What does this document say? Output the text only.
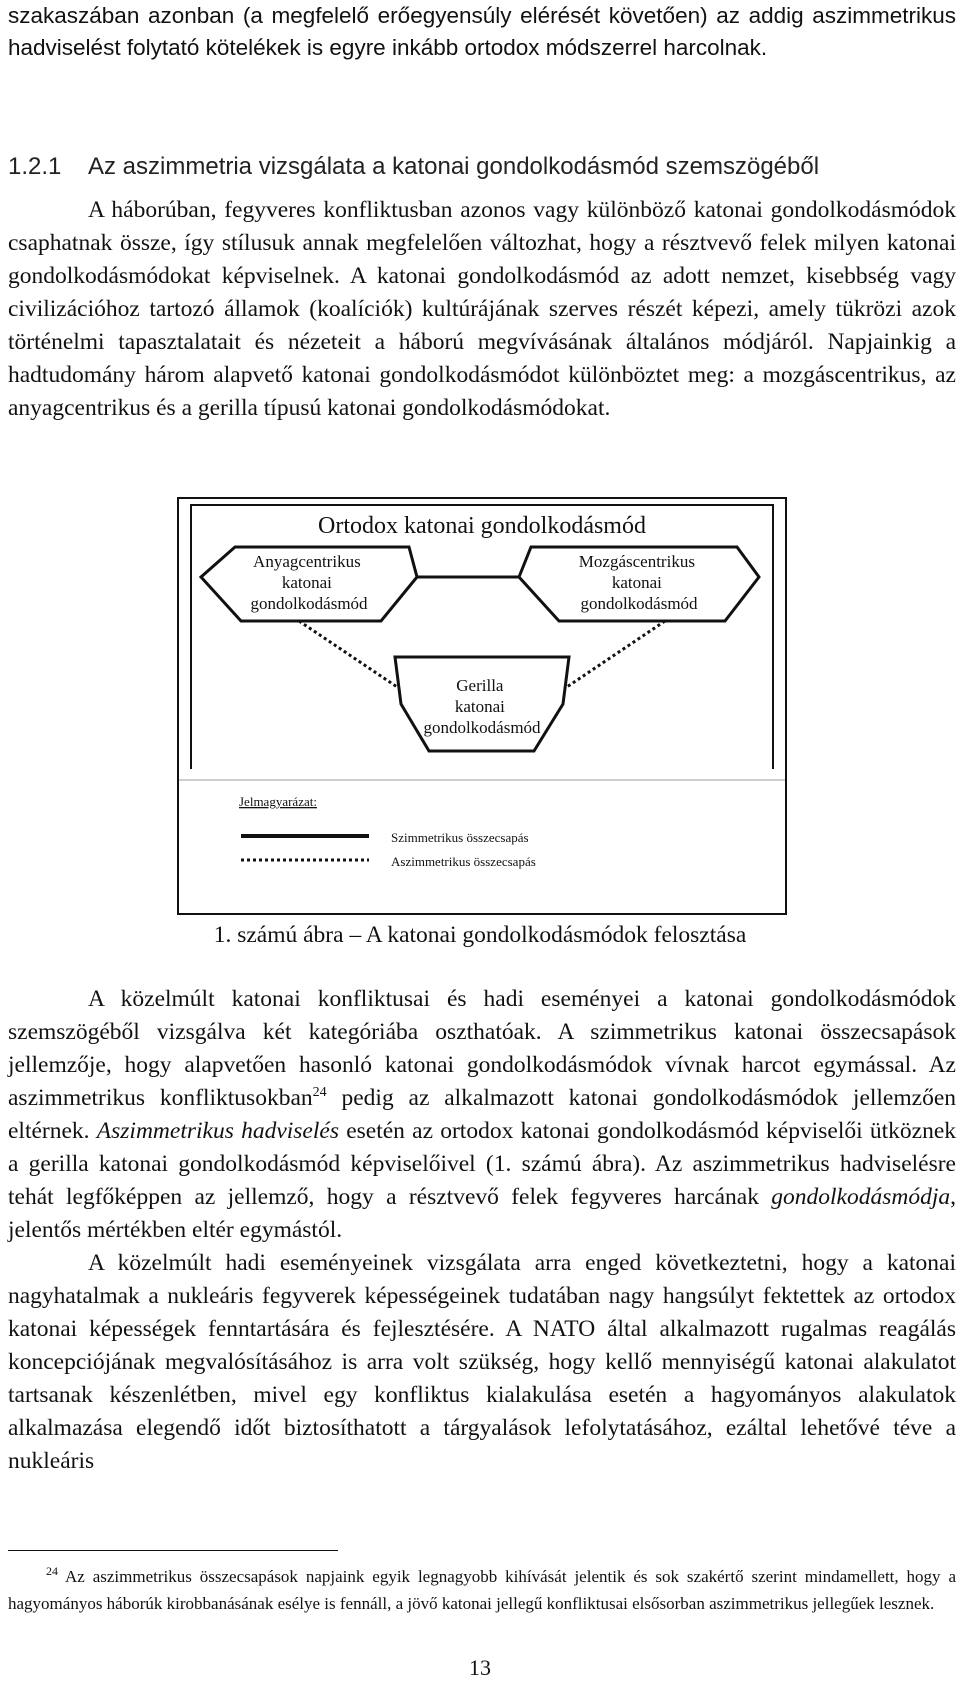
szakaszában azonban (a megfelelő erőegyensúly elérését követően) az addig aszimmetrikus hadviselést folytató kötelékek is egyre inkább ortodox módszerrel harcolnak.

1.2.1 Az aszimmetria vizsgálata a katonai gondolkodásmód szemszögéből

A háborúban, fegyveres konfliktusban azonos vagy különböző katonai gondolkodásmódok csaphatnak össze, így stílusuk annak megfelelően változhat, hogy a résztvevő felek milyen katonai gondolkodásmódokat képviselnek. A katonai gondolkodásmód az adott nemzet, kisebbség vagy civilizációhoz tartozó államok (koalíciók) kultúrájának szerves részét képezi, amely tükrözi azok történelmi tapasztalatait és nézeteit a háború megvívásának általános módjáról. Napjainkig a hadtudomány három alapvető katonai gondolkodásmódot különböztet meg: a mozgáscentrikus, az anyagcentrikus és a gerilla típusú katonai gondolkodásmódokat.

Ortodox katonai gondolkodásmód
Anyagcentrikus katonai gondolkodásmód
Mozgáscentrikus katonai gondolkodásmód
Gerilla katonai gondolkodásmód
Jelmagyarázat:
Szimmetrikus összecsapás
Aszimmetrikus összecsapás

1. számú ábra – A katonai gondolkodásmódok felosztása

A közelmúlt katonai konfliktusai és hadi eseményei a katonai gondolkodásmódok szemszögéből vizsgálva két kategóriába oszthatóak. A szimmetrikus katonai összecsapások jellemzője, hogy alapvetően hasonló katonai gondolkodásmódok vívnak harcot egymással. Az aszimmetrikus konfliktusokban$^{24}$ pedig az alkalmazott katonai gondolkodásmódok jellemzően eltérnek. Aszimmetrikus hadviselés esetén az ortodox katonai gondolkodásmód képviselői ütköznek a gerilla katonai gondolkodásmód képviselőivel (1. számú ábra). Az aszimmetrikus hadviselésre tehát legfőképpen az jellemző, hogy a résztvevő felek fegyveres harcának gondolkodásmódja, jelentős mértékben eltér egymástól.

A közelmúlt hadi eseményeinek vizsgálata arra enged következtetni, hogy a katonai nagyhatalmak a nukleáris fegyverek képességeinek tudatában nagy hangsúlyt fektettek az ortodox katonai képességek fenntartására és fejlesztésére. A NATO által alkalmazott rugalmas reagálás koncepciójának megvalósításához is arra volt szükség, hogy kellő mennyiségű katonai alakulatot tartsanak készenlétben, mivel egy konfliktus kialakulása esetén a hagyományos alakulatok alkalmazása elegendő időt biztosíthatott a tárgyalások lefolytatásához, ezáltal lehetővé téve a nukleáris

24 Az aszimmetrikus összecsapások napjaink egyik legnagyobb kihívását jelentik és sok szakértő szerint mindamellett, hogy a hagyományos háborúk kirobbanásának esélye is fennáll, a jövő katonai jellegű konfliktusai elsősorban aszimmetrikus jellegűek lesznek.

13
